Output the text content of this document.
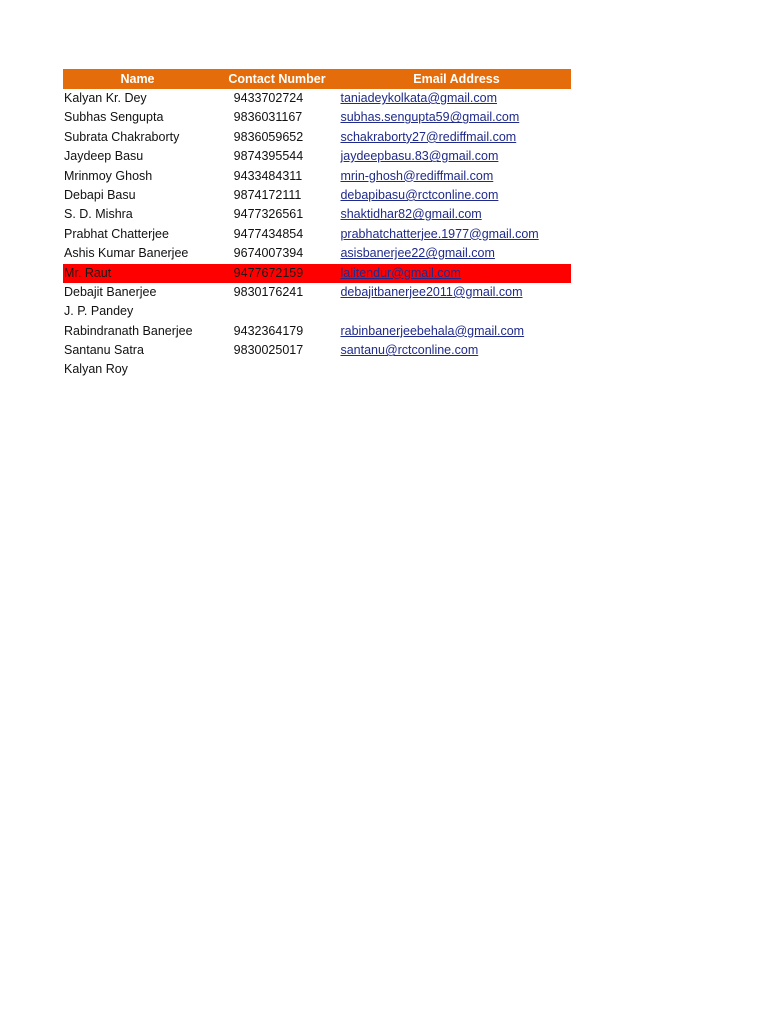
Name	Contact Number	Email Address
Kalyan Kr. Dey	9433702724	taniadeykolkata@gmail.com
Subhas Sengupta	9836031167	subhas.sengupta59@gmail.com
Subrata Chakraborty	9836059652	schakraborty27@rediffmail.com
Jaydeep Basu	9874395544	jaydeepbasu.83@gmail.com
Mrinmoy Ghosh	9433484311	mrin-ghosh@rediffmail.com
Debapi Basu	9874172111	debapibasu@rctconline.com
S. D. Mishra	9477326561	shaktidhar82@gmail.com
Prabhat Chatterjee	9477434854	prabhatchatterjee.1977@gmail.com
Ashis Kumar Banerjee	9674007394	asisbanerjee22@gmail.com
Mr. Raut	9477672159	lalitendur@gmail.com
Debajit Banerjee	9830176241	debajitbanerjee2011@gmail.com
J. P. Pandey
Rabindranath Banerjee	9432364179	rabinbanerjeebehala@gmail.com
Santanu Satra	9830025017	santanu@rctconline.com
Kalyan Roy
